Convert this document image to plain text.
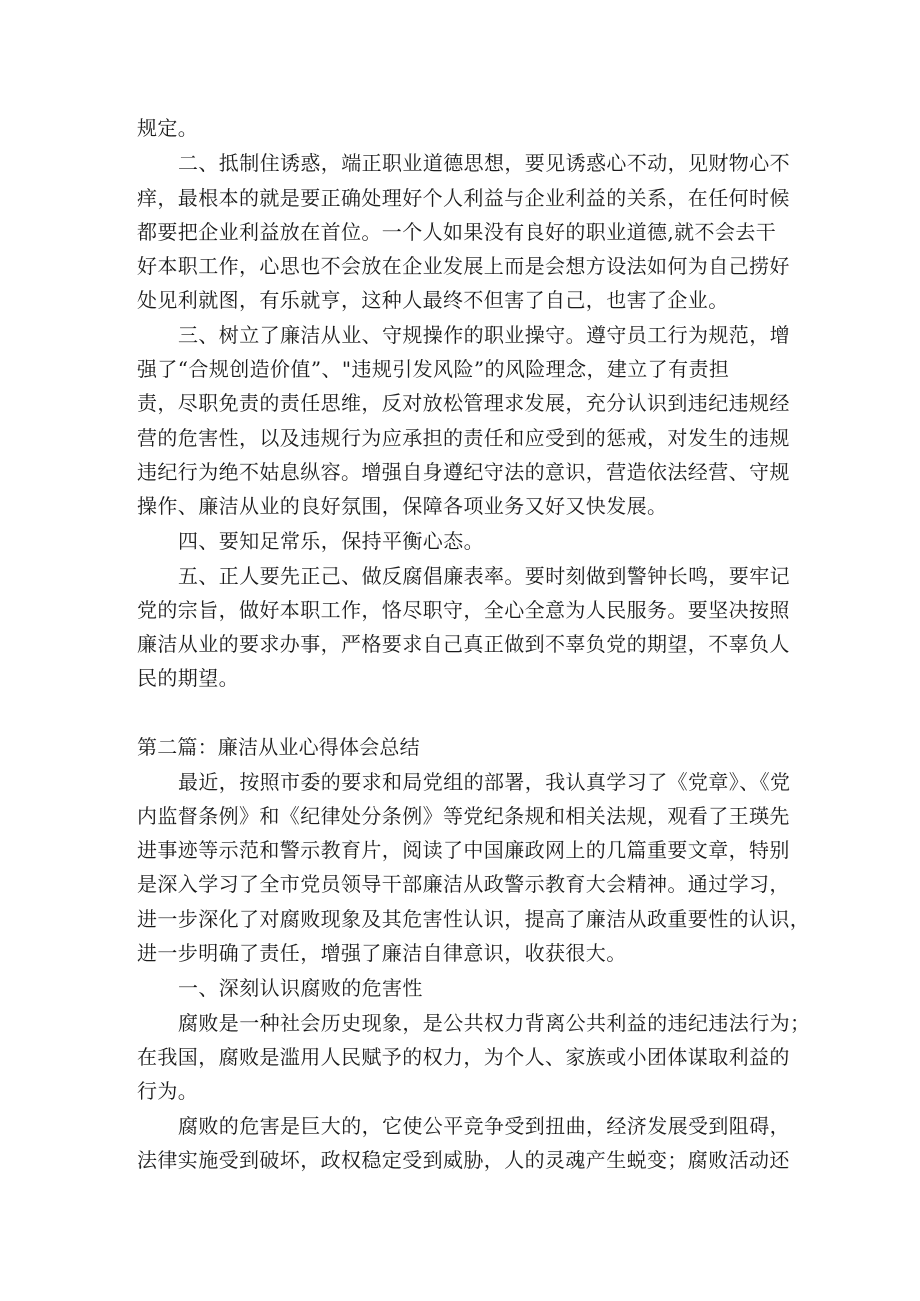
规定。
二、抵制住诱惑，端正职业道德思想，要见诱惑心不动，见财物心不
痒，最根本的就是要正确处理好个人利益与企业利益的关系，在任何时候
都要把企业利益放在首位。一个人如果没有良好的职业道德,就不会去干
好本职工作，心思也不会放在企业发展上而是会想方设法如何为自己捞好
处见利就图，有乐就亨，这种人最终不但害了自己，也害了企业。
三、树立了廉洁从业、守规操作的职业操守。遵守员工行为规范，增
强了“合规创造价值”、"违规引发风险”的风险理念，建立了有责担
责，尽职免责的责任思维，反对放松管理求发展，充分认识到违纪违规经
营的危害性，以及违规行为应承担的责任和应受到的惩戒，对发生的违规
违纪行为绝不姑息纵容。增强自身遵纪守法的意识，营造依法经营、守规
操作、廉洁从业的良好氛围，保障各项业务又好又快发展。
四、要知足常乐，保持平衡心态。
五、正人要先正己、做反腐倡廉表率。要时刻做到警钟长鸣，要牢记
党的宗旨，做好本职工作，恪尽职守，全心全意为人民服务。要坚决按照
廉洁从业的要求办事，严格要求自己真正做到不辜负党的期望，不辜负人
民的期望。
第二篇：廉洁从业心得体会总结
最近，按照市委的要求和局党组的部署，我认真学习了《党章》、《党
内监督条例》和《纪律处分条例》等党纪条规和相关法规，观看了王瑛先
进事迹等示范和警示教育片，阅读了中国廉政网上的几篇重要文章，特别
是深入学习了全市党员领导干部廉洁从政警示教育大会精神。通过学习，
进一步深化了对腐败现象及其危害性认识，提高了廉洁从政重要性的认识，
进一步明确了责任，增强了廉洁自律意识，收获很大。
一、深刻认识腐败的危害性
腐败是一种社会历史现象，是公共权力背离公共利益的违纪违法行为；
在我国，腐败是滥用人民赋予的权力，为个人、家族或小团体谋取利益的
行为。
腐败的危害是巨大的，它使公平竞争受到扭曲，经济发展受到阻碍，
法律实施受到破坏，政权稳定受到威胁，人的灵魂产生蜕变；腐败活动还
